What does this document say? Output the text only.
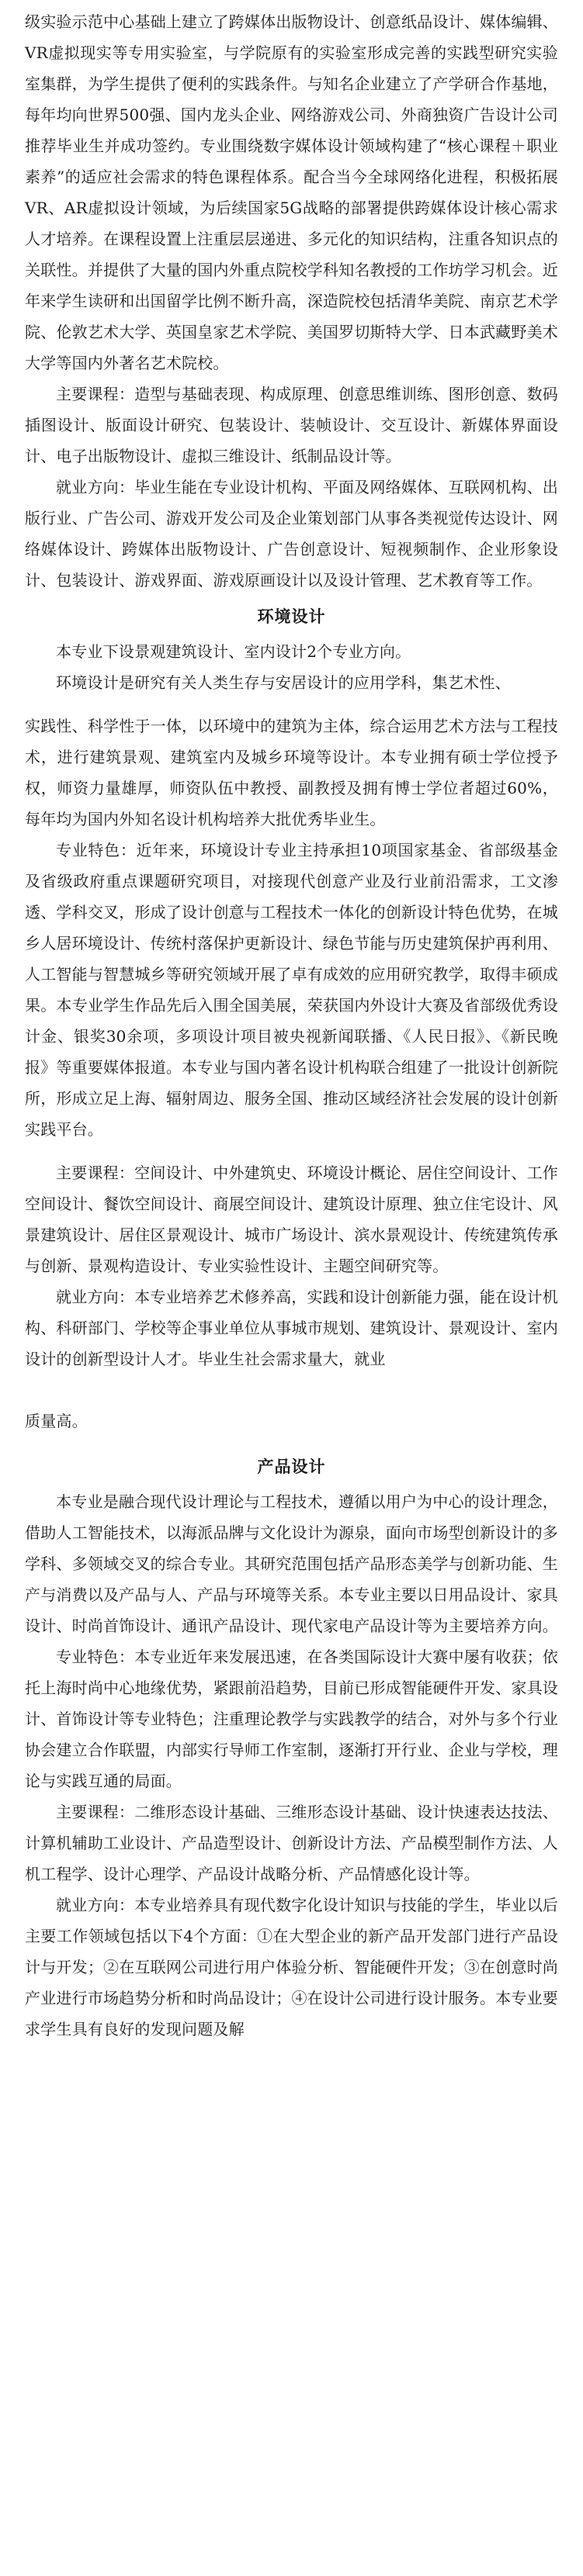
级实验示范中心基础上建立了跨媒体出版物设计、创意纸品设计、媒体编辑、VR虚拟现实等专用实验室，与学院原有的实验室形成完善的实践型研究实验室集群，为学生提供了便利的实践条件。与知名企业建立了产学研合作基地，每年均向世界500强、国内龙头企业、网络游戏公司、外商独资广告设计公司推荐毕业生并成功签约。专业围绕数字媒体设计领域构建了“核心课程＋职业素养”的适应社会需求的特色课程体系。配合当今全球网络化进程，积极拓展VR、AR虚拟设计领域，为后续国家5G战略的部署提供跨媒体设计核心需求人才培养。在课程设置上注重层层递进、多元化的知识结构，注重各知识点的关联性。并提供了大量的国内外重点院校学科知名教授的工作坊学习机会。近年来学生读研和出国留学比例不断升高，深造院校包括清华美院、南京艺术学院、伦敦艺术大学、英国皇家艺术学院、美国罗切斯特大学、日本武藏野美术大学等国内外著名艺术院校。

主要课程：造型与基础表现、构成原理、创意思维训练、图形创意、数码插图设计、版面设计研究、包装设计、装帧设计、交互设计、新媒体界面设计、电子出版物设计、虚拟三维设计、纸制品设计等。

就业方向：毕业生能在专业设计机构、平面及网络媒体、互联网机构、出版行业、广告公司、游戏开发公司及企业策划部门从事各类视觉传达设计、网络媒体设计、跨媒体出版物设计、广告创意设计、短视频制作、企业形象设计、包装设计、游戏界面、游戏原画设计以及设计管理、艺术教育等工作。

环境设计

本专业下设景观建筑设计、室内设计2个专业方向。

环境设计是研究有关人类生存与安居设计的应用学科，集艺术性、

实践性、科学性于一体，以环境中的建筑为主体，综合运用艺术方法与工程技术，进行建筑景观、建筑室内及城乡环境等设计。本专业拥有硕士学位授予权，师资力量雄厚，师资队伍中教授、副教授及拥有博士学位者超过60%，每年均为国内外知名设计机构培养大批优秀毕业生。

专业特色：近年来，环境设计专业主持承担10项国家基金、省部级基金及省级政府重点课题研究项目，对接现代创意产业及行业前沿需求，工文渗透、学科交叉，形成了设计创意与工程技术一体化的创新设计特色优势，在城乡人居环境设计、传统村落保护更新设计、绿色节能与历史建筑保护再利用、人工智能与智慧城乡等研究领域开展了卓有成效的应用研究教学，取得丰硕成果。本专业学生作品先后入围全国美展，荣获国内外设计大赛及省部级优秀设计金、银奖30余项，多项设计项目被央视新闻联播、《人民日报》、《新民晚报》等重要媒体报道。本专业与国内著名设计机构联合组建了一批设计创新院所，形成立足上海、辐射周边、服务全国、推动区域经济社会发展的设计创新实践平台。

主要课程：空间设计、中外建筑史、环境设计概论、居住空间设计、工作空间设计、餐饮空间设计、商展空间设计、建筑设计原理、独立住宅设计、风景建筑设计、居住区景观设计、城市广场设计、滨水景观设计、传统建筑传承与创新、景观构造设计、专业实验性设计、主题空间研究等。

就业方向：本专业培养艺术修养高，实践和设计创新能力强，能在设计机构、科研部门、学校等企事业单位从事城市规划、建筑设计、景观设计、室内设计的创新型设计人才。毕业生社会需求量大，就业

质量高。

产品设计

本专业是融合现代设计理论与工程技术，遵循以用户为中心的设计理念，借助人工智能技术，以海派品牌与文化设计为源泉，面向市场型创新设计的多学科、多领域交叉的综合专业。其研究范围包括产品形态美学与创新功能、生产与消费以及产品与人、产品与环境等关系。本专业主要以日用品设计、家具设计、时尚首饰设计、通讯产品设计、现代家电产品设计等为主要培养方向。

专业特色：本专业近年来发展迅速，在各类国际设计大赛中屡有收获；依托上海时尚中心地缘优势，紧跟前沿趋势，目前已形成智能硬件开发、家具设计、首饰设计等专业特色；注重理论教学与实践教学的结合，对外与多个行业协会建立合作联盟，内部实行导师工作室制，逐渐打开行业、企业与学校，理论与实践互通的局面。

主要课程：二维形态设计基础、三维形态设计基础、设计快速表达技法、计算机辅助工业设计、产品造型设计、创新设计方法、产品模型制作方法、人机工程学、设计心理学、产品设计战略分析、产品情感化设计等。

就业方向：本专业培养具有现代数字化设计知识与技能的学生，毕业以后主要工作领域包括以下4个方面：①在大型企业的新产品开发部门进行产品设计与开发；②在互联网公司进行用户体验分析、智能硬件开发；③在创意时尚产业进行市场趋势分析和时尚品设计；④在设计公司进行设计服务。本专业要求学生具有良好的发现问题及解
